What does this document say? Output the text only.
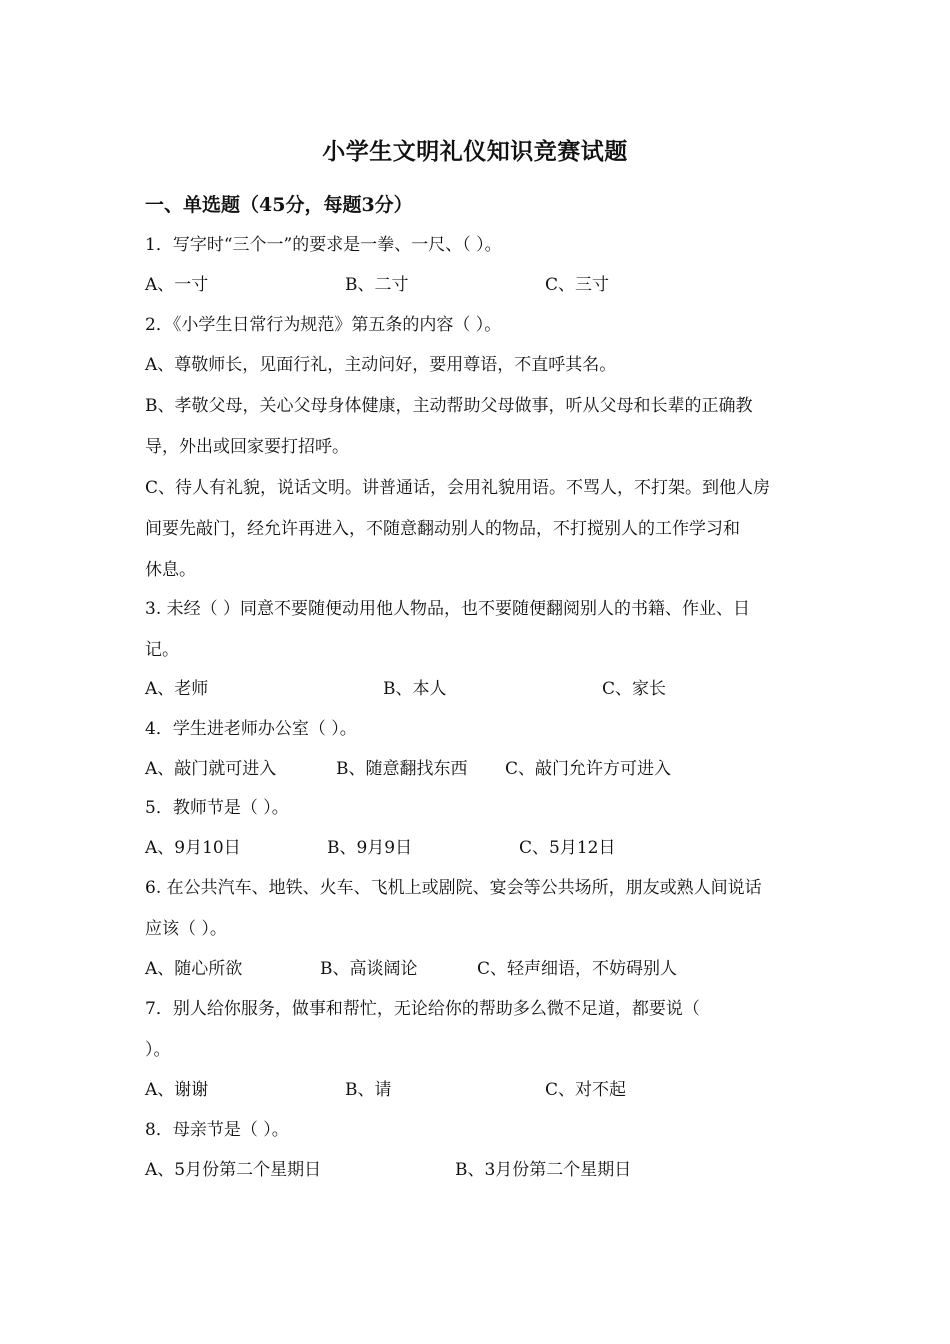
小学生文明礼仪知识竞赛试题
一、单选题（45分，每题3分）
1．写字时“三个一”的要求是一拳、一尺、（ ）。
A、一寸	B、二寸	C、三寸
2．《小学生日常行为规范》第五条的内容（ ）。
A、尊敬师长，见面行礼，主动问好，要用尊语，不直呼其名。
B、孝敬父母，关心父母身体健康，主动帮助父母做事，听从父母和长辈的正确教
导，外出或回家要打招呼。
C、待人有礼貌，说话文明。讲普通话，会用礼貌用语。不骂人，不打架。到他人房
间要先敲门，经允许再进入，不随意翻动别人的物品，不打搅别人的工作学习和
休息。
3. 未经（ ）同意不要随便动用他人物品，也不要随便翻阅别人的书籍、作业、日
记。
A、老师	B、本人	C、家长
4．学生进老师办公室（ ）。
A、敲门就可进入	B、随意翻找东西 C、敲门允许方可进入
5．教师节是（ ）。
A、9月10日	B、9月9日	C、5月12日
6. 在公共汽车、地铁、火车、飞机上或剧院、宴会等公共场所，朋友或熟人间说话
应该（ ）。
A、随心所欲	B、高谈阔论	C、轻声细语，不妨碍别人
7．别人给你服务，做事和帮忙，无论给你的帮助多么微不足道，都要说（
）。
A、谢谢	B、请	C、对不起
8．母亲节是（ ）。
A、5月份第二个星期日	B、3月份第二个星期日
